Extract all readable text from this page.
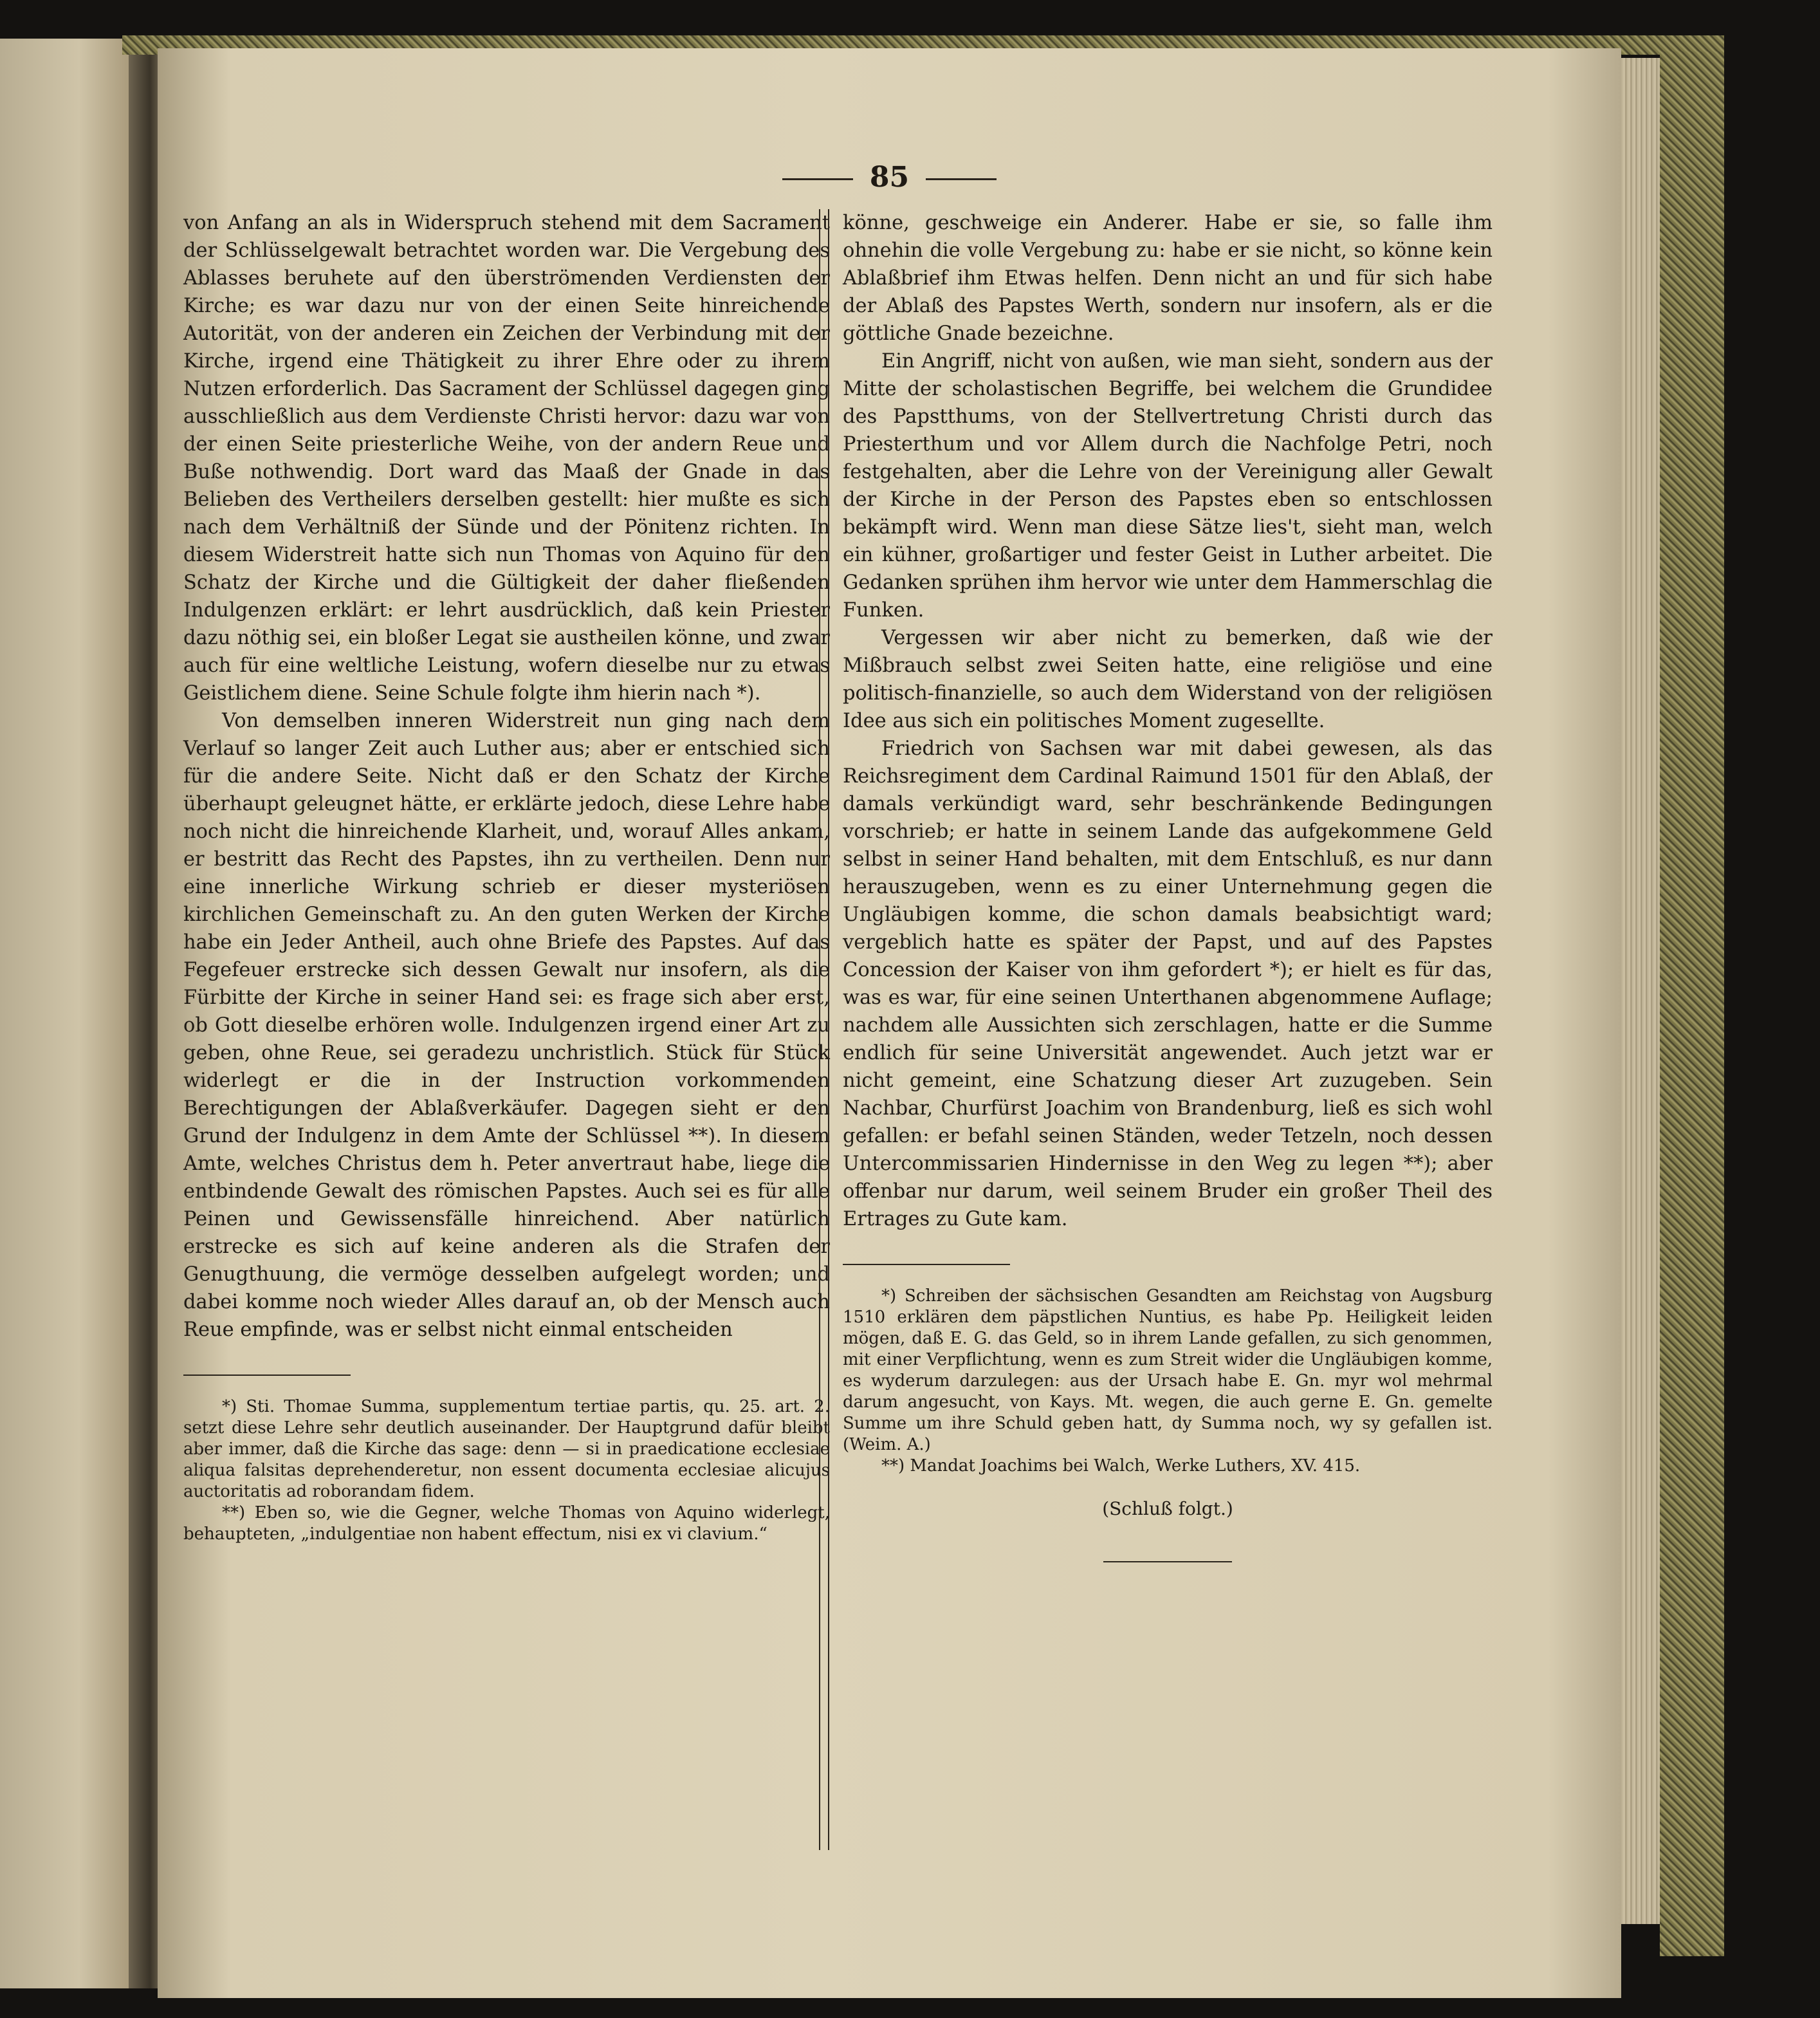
85

von Anfang an als in Widerspruch stehend mit dem Sacrament der Schlüsselgewalt betrachtet worden war. Die Vergebung des Ablasses beruhete auf den überströmenden Verdiensten der Kirche; es war dazu nur von der einen Seite hinreichende Autorität, von der anderen ein Zeichen der Verbindung mit der Kirche, irgend eine Thätigkeit zu ihrer Ehre oder zu ihrem Nutzen erforderlich. Das Sacrament der Schlüssel dagegen ging ausschließlich aus dem Verdienste Christi hervor: dazu war von der einen Seite priesterliche Weihe, von der andern Reue und Buße nothwendig. Dort ward das Maaß der Gnade in das Belieben des Vertheilers derselben gestellt: hier mußte es sich nach dem Verhältniß der Sünde und der Pönitenz richten. In diesem Widerstreit hatte sich nun Thomas von Aquino für den Schatz der Kirche und die Gültigkeit der daher fließenden Indulgenzen erklärt: er lehrt ausdrücklich, daß kein Priester dazu nöthig sei, ein bloßer Legat sie austheilen könne, und zwar auch für eine weltliche Leistung, wofern dieselbe nur zu etwas Geistlichem diene. Seine Schule folgte ihm hierin nach *).

Von demselben inneren Widerstreit nun ging nach dem Verlauf so langer Zeit auch Luther aus; aber er entschied sich für die andere Seite. Nicht daß er den Schatz der Kirche überhaupt geleugnet hätte, er erklärte jedoch, diese Lehre habe noch nicht die hinreichende Klarheit, und, worauf Alles ankam, er bestritt das Recht des Papstes, ihn zu vertheilen. Denn nur eine innerliche Wirkung schrieb er dieser mysteriösen kirchlichen Gemeinschaft zu. An den guten Werken der Kirche habe ein Jeder Antheil, auch ohne Briefe des Papstes. Auf das Fegefeuer erstrecke sich dessen Gewalt nur insofern, als die Fürbitte der Kirche in seiner Hand sei: es frage sich aber erst, ob Gott dieselbe erhören wolle. Indulgenzen irgend einer Art zu geben, ohne Reue, sei geradezu unchristlich. Stück für Stück widerlegt er die in der Instruction vorkommenden Berechtigungen der Ablaßverkäufer. Dagegen sieht er den Grund der Indulgenz in dem Amte der Schlüssel **). In diesem Amte, welches Christus dem h. Peter anvertraut habe, liege die entbindende Gewalt des römischen Papstes. Auch sei es für alle Peinen und Gewissensfälle hinreichend. Aber natürlich erstrecke es sich auf keine anderen als die Strafen der Genugthuung, die vermöge desselben aufgelegt worden; und dabei komme noch wieder Alles darauf an, ob der Mensch auch Reue empfinde, was er selbst nicht einmal entscheiden

*) Sti. Thomae Summa, supplementum tertiae partis, qu. 25. art. 2. setzt diese Lehre sehr deutlich auseinander. Der Hauptgrund dafür bleibt aber immer, daß die Kirche das sage: denn — si in praedicatione ecclesiae aliqua falsitas deprehenderetur, non essent documenta ecclesiae alicujus auctoritatis ad roborandam fidem.

**) Eben so, wie die Gegner, welche Thomas von Aquino widerlegt, behaupteten, „indulgentiae non habent effectum, nisi ex vi clavium.“

könne, geschweige ein Anderer. Habe er sie, so falle ihm ohnehin die volle Vergebung zu: habe er sie nicht, so könne kein Ablaßbrief ihm Etwas helfen. Denn nicht an und für sich habe der Ablaß des Papstes Werth, sondern nur insofern, als er die göttliche Gnade bezeichne.

Ein Angriff, nicht von außen, wie man sieht, sondern aus der Mitte der scholastischen Begriffe, bei welchem die Grundidee des Papstthums, von der Stellvertretung Christi durch das Priesterthum und vor Allem durch die Nachfolge Petri, noch festgehalten, aber die Lehre von der Vereinigung aller Gewalt der Kirche in der Person des Papstes eben so entschlossen bekämpft wird. Wenn man diese Sätze lies't, sieht man, welch ein kühner, großartiger und fester Geist in Luther arbeitet. Die Gedanken sprühen ihm hervor wie unter dem Hammerschlag die Funken.

Vergessen wir aber nicht zu bemerken, daß wie der Mißbrauch selbst zwei Seiten hatte, eine religiöse und eine politisch-finanzielle, so auch dem Widerstand von der religiösen Idee aus sich ein politisches Moment zugesellte.

Friedrich von Sachsen war mit dabei gewesen, als das Reichsregiment dem Cardinal Raimund 1501 für den Ablaß, der damals verkündigt ward, sehr beschränkende Bedingungen vorschrieb; er hatte in seinem Lande das aufgekommene Geld selbst in seiner Hand behalten, mit dem Entschluß, es nur dann herauszugeben, wenn es zu einer Unternehmung gegen die Ungläubigen komme, die schon damals beabsichtigt ward; vergeblich hatte es später der Papst, und auf des Papstes Concession der Kaiser von ihm gefordert *); er hielt es für das, was es war, für eine seinen Unterthanen abgenommene Auflage; nachdem alle Aussichten sich zerschlagen, hatte er die Summe endlich für seine Universität angewendet. Auch jetzt war er nicht gemeint, eine Schatzung dieser Art zuzugeben. Sein Nachbar, Churfürst Joachim von Brandenburg, ließ es sich wohl gefallen: er befahl seinen Ständen, weder Tetzeln, noch dessen Untercommissarien Hindernisse in den Weg zu legen **); aber offenbar nur darum, weil seinem Bruder ein großer Theil des Ertrages zu Gute kam.

*) Schreiben der sächsischen Gesandten am Reichstag von Augsburg 1510 erklären dem päpstlichen Nuntius, es habe Pp. Heiligkeit leiden mögen, daß E. G. das Geld, so in ihrem Lande gefallen, zu sich genommen, mit einer Verpflichtung, wenn es zum Streit wider die Ungläubigen komme, es wyderum darzulegen: aus der Ursach habe E. Gn. myr wol mehrmal darum angesucht, von Kays. Mt. wegen, die auch gerne E. Gn. gemelte Summe um ihre Schuld geben hatt, dy Summa noch, wy sy gefallen ist. (Weim. A.)

**) Mandat Joachims bei Walch, Werke Luthers, XV. 415.

(Schluß folgt.)
